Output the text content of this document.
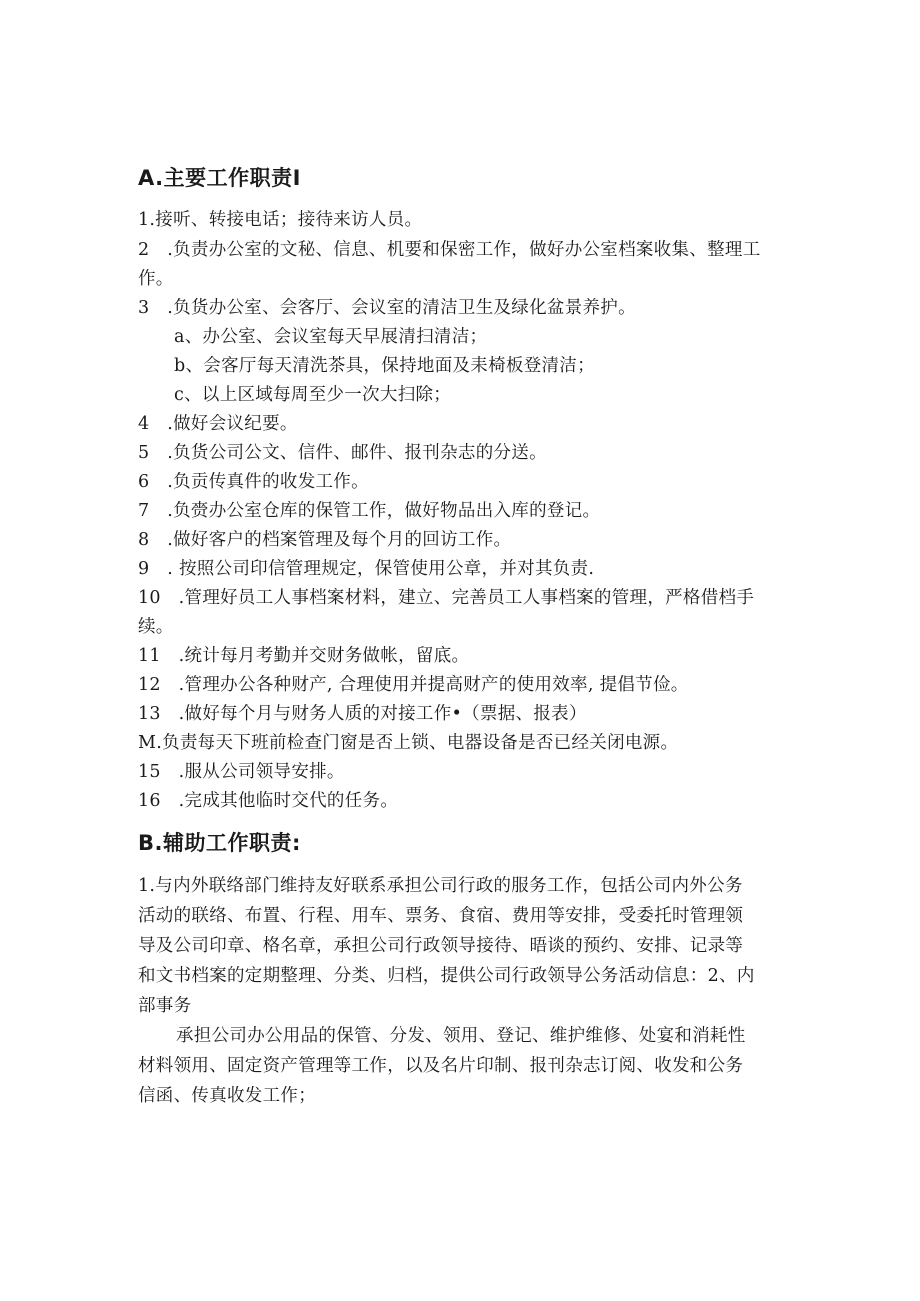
A.主要工作职责I
1.接听、转接电话；接待来访人员。
2　.负责办公室的文秘、信息、机要和保密工作，做好办公室档案收集、整理工
作。
3　.负货办公室、会客厅、会议室的清洁卫生及绿化盆景养护。
a、办公室、会议室每天早展清扫清洁；
b、会客厅每天清洗茶具，保持地面及耒椅板登清洁；
c、以上区域每周至少一次大扫除；
4　.做好会议纪要。
5　.负货公司公文、信件、邮件、报刊杂志的分送。
6　.负贡传真件的收发工作。
7　.负赍办公室仓库的保管工作，做好物品出入库的登记。
8　.做好客户的档案管理及每个月的回访工作。
9　. 按照公司印信管理规定，保管使用公章，并对其负责.
10　.管理好员工人事档案材料，建立、完善员工人事档案的管理，严格借档手
续。
11　.统计每月考勤并交财务做帐，留底。
12　.管理办公各种财产, 合理使用并提高财产的使用效率, 提倡节俭。
13　.做好每个月与财务人质的对接工作•（票据、报表）
M.负责每天下班前检查门窗是否上锁、电器设备是否已经关闭电源。
15　.服从公司领导安排。
16　.完成其他临时交代的任务。
B.辅助工作职责:
1.与内外联络部门维持友好联系承担公司行政的服务工作，包括公司内外公务
活动的联络、布置、行程、用车、票务、食宿、费用等安排，受委托时管理领
导及公司印章、格名章，承担公司行政领导接待、晤谈的预约、安排、记录等
和文书档案的定期整理、分类、归档，提供公司行政领导公务活动信息：2、内
部事务
承担公司办公用品的保管、分发、领用、登记、维护维修、处宴和消耗性
材料领用、固定资产管理等工作，以及名片印制、报刊杂志订阅、收发和公务
信函、传真收发工作；
